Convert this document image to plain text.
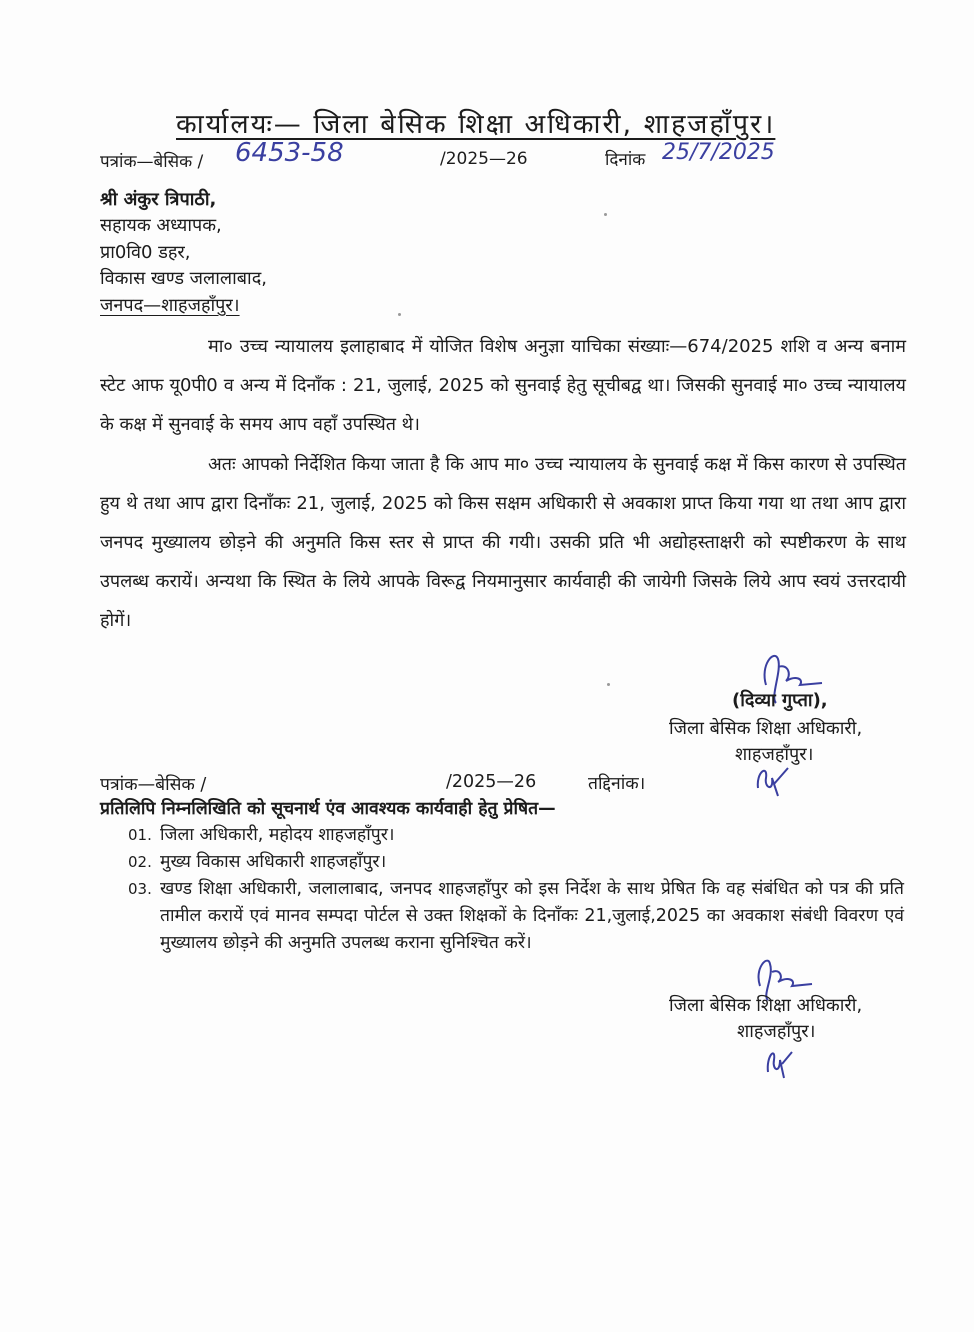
कार्यालयः— जिला बेसिक शिक्षा अधिकारी, शाहजहाँपुर।
पत्रांक—बेसिक / 6453-58	/2025—26	दिनांक 25/7/2025
श्री अंकुर त्रिपाठी,
सहायक अध्यापक,
प्रा0वि0 डहर,
विकास खण्ड जलालाबाद,
जनपद—शाहजहाँपुर।

मा० उच्च न्यायालय इलाहाबाद में योजित विशेष अनुज्ञा याचिका संख्याः—674/2025 शशि व अन्य बनाम स्टेट आफ यू0पी0 व अन्य में दिनाँक : 21, जुलाई, 2025 को सुनवाई हेतु सूचीबद्व था। जिसकी सुनवाई मा० उच्च न्यायालय के कक्ष में सुनवाई के समय आप वहाँ उपस्थित थे।

अतः आपको निर्देशित किया जाता है कि आप मा० उच्च न्यायालय के सुनवाई कक्ष में किस कारण से उपस्थित हुय थे तथा आप द्वारा दिनाँकः 21, जुलाई, 2025 को किस सक्षम अधिकारी से अवकाश प्राप्त किया गया था तथा आप द्वारा जनपद मुख्यालय छोड़ने की अनुमति किस स्तर से प्राप्त की गयी। उसकी प्रति भी अद्योहस्ताक्षरी को स्पष्टीकरण के साथ उपलब्ध करायें। अन्यथा कि स्थित के लिये आपके विरूद्व नियमानुसार कार्यवाही की जायेगी जिसके लिये आप स्वयं उत्तरदायी होगें।

(दिव्या गुप्ता),
जिला बेसिक शिक्षा अधिकारी,
शाहजहाँपुर।
पत्रांक—बेसिक /	/2025—26	तद्दिनांक।
प्रतिलिपि निम्नलिखिति को सूचनार्थ एंव आवश्यक कार्यवाही हेतु प्रेषित—
01. जिला अधिकारी, महोदय शाहजहाँपुर।
02. मुख्य विकास अधिकारी शाहजहाँपुर।
03. खण्ड शिक्षा अधिकारी, जलालाबाद, जनपद शाहजहाँपुर को इस निर्देश के साथ प्रेषित कि वह संबंधित को पत्र की प्रति तामील करायें एवं मानव सम्पदा पोर्टल से उक्त शिक्षकों के दिनाँकः 21,जुलाई,2025 का अवकाश संबंधी विवरण एवं मुख्यालय छोड़ने की अनुमति उपलब्ध कराना सुनिश्चित करें।
जिला बेसिक शिक्षा अधिकारी,
शाहजहाँपुर।
